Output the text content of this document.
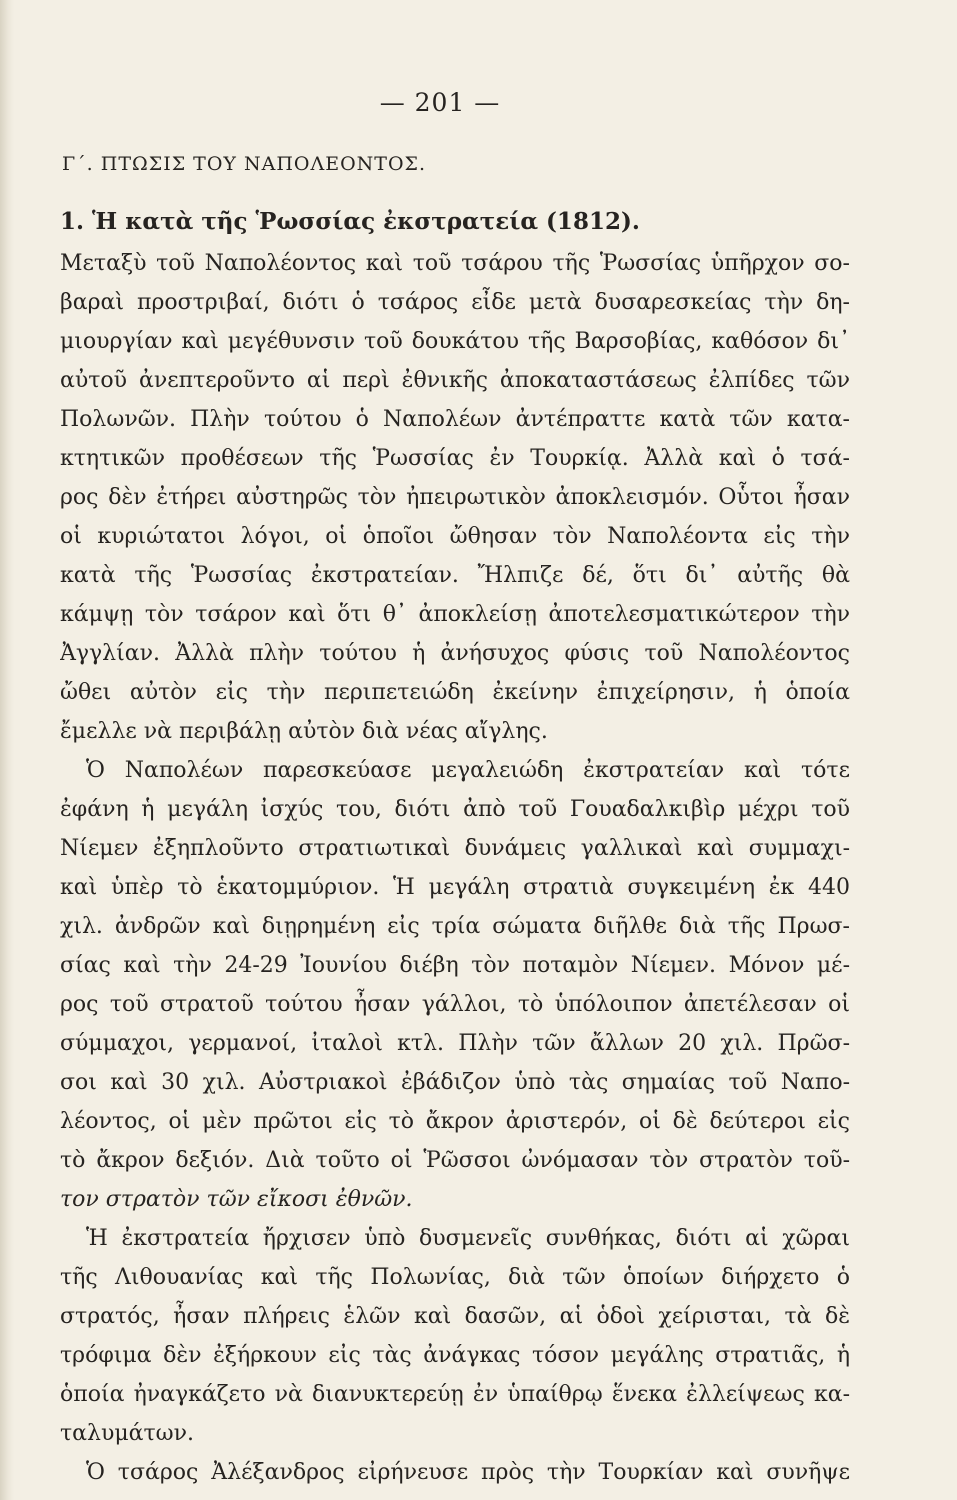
— 201 —
Γ΄. ΠΤΩΣΙΣ ΤΟΥ ΝΑΠΟΛΕΟΝΤΟΣ.
1. Ἡ κατὰ τῆς Ῥωσσίας ἐκστρατεία (1812).
Μεταξὺ τοῦ Ναπολέοντος καὶ τοῦ τσάρου τῆς Ῥωσσίας ὑπῆρχον σο-
βαραὶ προστριβαί, διότι ὁ τσάρος εἶδε μετὰ δυσαρεσκείας τὴν δη-
μιουργίαν καὶ μεγέθυνσιν τοῦ δουκάτου τῆς Βαρσοβίας, καθόσον δι᾽
αὐτοῦ ἀνεπτεροῦντο αἱ περὶ ἐθνικῆς ἀποκαταστάσεως ἐλπίδες τῶν
Πολωνῶν. Πλὴν τούτου ὁ Ναπολέων ἀντέπραττε κατὰ τῶν κατα-
κτητικῶν προθέσεων τῆς Ῥωσσίας ἐν Τουρκίᾳ. Ἀλλὰ καὶ ὁ τσά-
ρος δὲν ἐτήρει αὐστηρῶς τὸν ἠπειρωτικὸν ἀποκλεισμόν. Οὗτοι ἦσαν
οἱ κυριώτατοι λόγοι, οἱ ὁποῖοι ὤθησαν τὸν Ναπολέοντα εἰς τὴν
κατὰ τῆς Ῥωσσίας ἐκστρατείαν. Ἤλπιζε δέ, ὅτι δι᾽ αὐτῆς θὰ
κάμψῃ τὸν τσάρον καὶ ὅτι θ᾽ ἀποκλείσῃ ἀποτελεσματικώτερον τὴν
Ἀγγλίαν. Ἀλλὰ πλὴν τούτου ἡ ἀνήσυχος φύσις τοῦ Ναπολέοντος
ὤθει αὐτὸν εἰς τὴν περιπετειώδη ἐκείνην ἐπιχείρησιν, ἡ ὁποία
ἔμελλε νὰ περιβάλῃ αὐτὸν διὰ νέας αἴγλης.
Ὁ Ναπολέων παρεσκεύασε μεγαλειώδη ἐκστρατείαν καὶ τότε
ἐφάνη ἡ μεγάλη ἰσχύς του, διότι ἀπὸ τοῦ Γουαδαλκιβὶρ μέχρι τοῦ
Νίεμεν ἐξηπλοῦντο στρατιωτικαὶ δυνάμεις γαλλικαὶ καὶ συμμαχι-
καὶ ὑπὲρ τὸ ἑκατομμύριον. Ἡ μεγάλη στρατιὰ συγκειμένη ἐκ 440
χιλ. ἀνδρῶν καὶ διῃρημένη εἰς τρία σώματα διῆλθε διὰ τῆς Πρωσ-
σίας καὶ τὴν 24-29 Ἰουνίου διέβη τὸν ποταμὸν Νίεμεν. Μόνον μέ-
ρος τοῦ στρατοῦ τούτου ἦσαν γάλλοι, τὸ ὑπόλοιπον ἀπετέλεσαν οἱ
σύμμαχοι, γερμανοί, ἰταλοὶ κτλ. Πλὴν τῶν ἄλλων 20 χιλ. Πρῶσ-
σοι καὶ 30 χιλ. Αὐστριακοὶ ἐβάδιζον ὑπὸ τὰς σημαίας τοῦ Ναπο-
λέοντος, οἱ μὲν πρῶτοι εἰς τὸ ἄκρον ἀριστερόν, οἱ δὲ δεύτεροι εἰς
τὸ ἄκρον δεξιόν. Διὰ τοῦτο οἱ Ῥῶσσοι ὠνόμασαν τὸν στρατὸν τοῦ-
τον στρατὸν τῶν εἴκοσι ἐθνῶν.
Ἡ ἐκστρατεία ἤρχισεν ὑπὸ δυσμενεῖς συνθήκας, διότι αἱ χῶραι
τῆς Λιθουανίας καὶ τῆς Πολωνίας, διὰ τῶν ὁποίων διήρχετο ὁ
στρατός, ἦσαν πλήρεις ἑλῶν καὶ δασῶν, αἱ ὁδοὶ χείρισται, τὰ δὲ
τρόφιμα δὲν ἐξήρκουν εἰς τὰς ἀνάγκας τόσον μεγάλης στρατιᾶς, ἡ
ὁποία ἠναγκάζετο νὰ διανυκτερεύῃ ἐν ὑπαίθρῳ ἕνεκα ἐλλείψεως κα-
ταλυμάτων.
Ὁ τσάρος Ἀλέξανδρος εἰρήνευσε πρὸς τὴν Τουρκίαν καὶ συνῆψε
